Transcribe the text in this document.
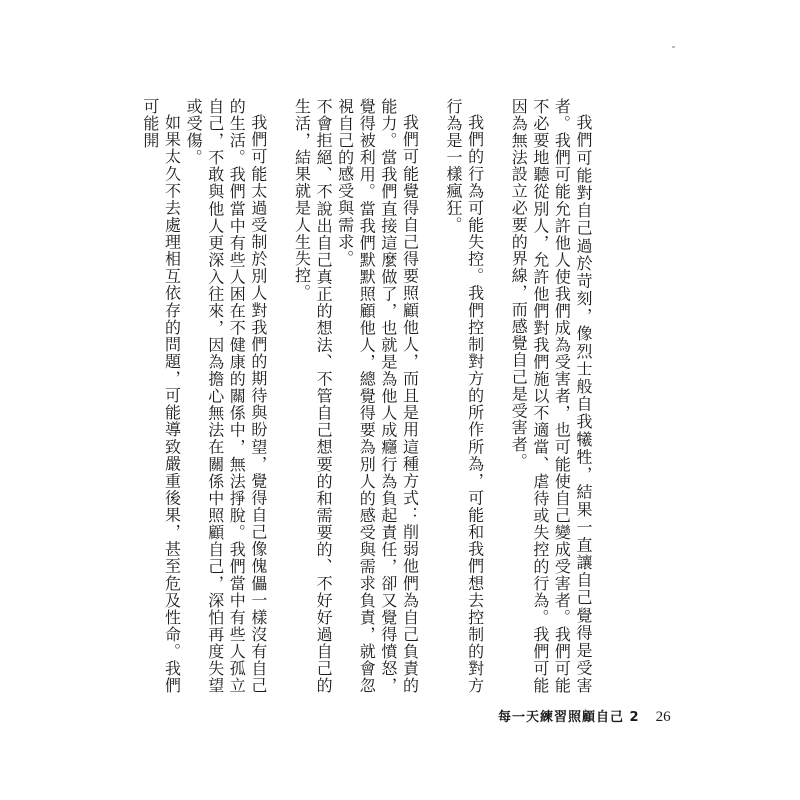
我們可能對自己過於苛刻，像烈士般自我犧牲，結果一直讓自己覺得是受害者。我們可能允許他人使我們成為受害者，也可能使自己變成受害者。我們可能不必要地聽從別人，允許他們對我們施以不適當、虐待或失控的行為。我們可能因為無法設立必要的界線，而感覺自己是受害者。

我們的行為可能失控。我們控制對方的所作所為，可能和我們想去控制的對方行為是一樣瘋狂。

我們可能覺得自己得要照顧他人，而且是用這種方式：削弱他們為自己負責的能力。當我們直接這麼做了，也就是為他人成癮行為負起責任，卻又覺得憤怒，覺得被利用。當我們默默照顧他人，總覺得要為別人的感受與需求負責，就會忽視自己的感受與需求。

不會拒絕、不說出自己真正的想法、不管自己想要的和需要的、不好好過自己的生活，結果就是人生失控。

我們可能太過受制於別人對我們的期待與盼望，覺得自己像傀儡一樣沒有自己的生活。我們當中有些人困在不健康的關係中，無法掙脫。我們當中有些人孤立自己，不敢與他人更深入往來，因為擔心無法在關係中照顧自己，深怕再度失望或受傷。

如果太久不去處理相互依存的問題，可能導致嚴重後果，甚至危及性命。我們可能開

每一天練習照顧自己 2 26
